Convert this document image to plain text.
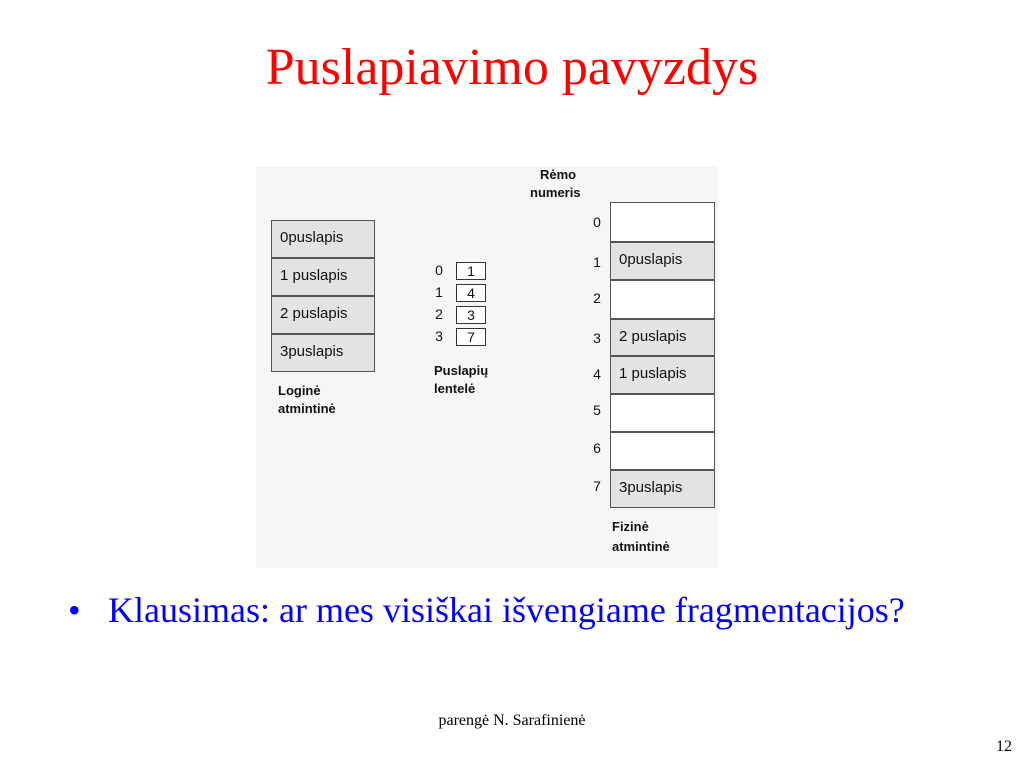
Puslapiavimo pavyzdys
0puslapis
1 puslapis
2 puslapis
3puslapis
Loginė
atmintinė
0
1
2
3
1
4
3
7
Puslapių
lentelė
Rėmo
numeris
0
1
2
3
4
5
6
7
0puslapis
2 puslapis
1 puslapis
3puslapis
Fizinė
atmintinė
• Klausimas: ar mes visiškai išvengiame fragmentacijos?
parengė N. Sarafinienė
12
